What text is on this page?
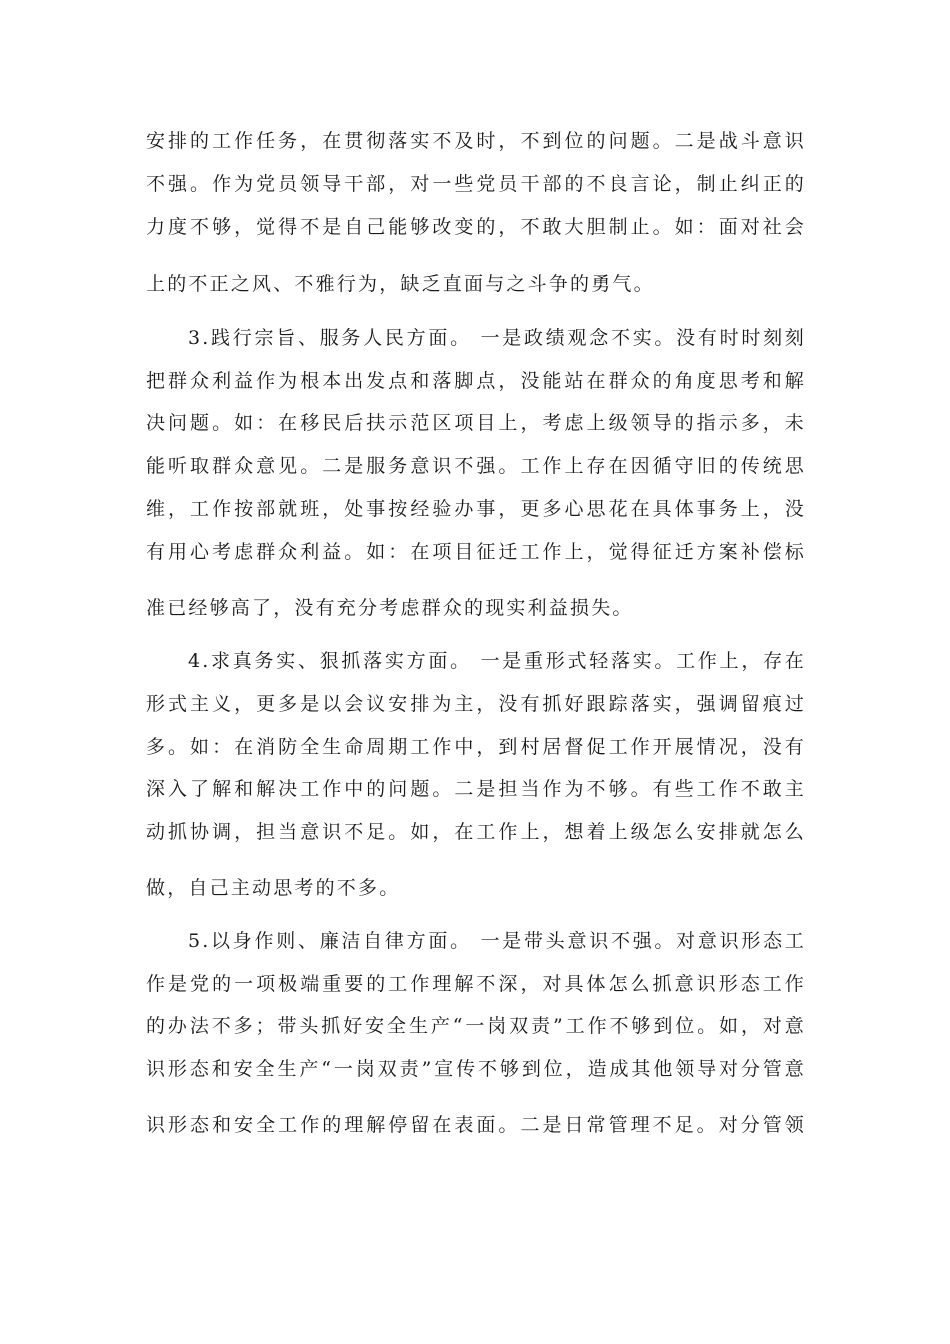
安排的工作任务，在贯彻落实不及时，不到位的问题。二是战斗意识

不强。作为党员领导干部，对一些党员干部的不良言论，制止纠正的

力度不够，觉得不是自己能够改变的，不敢大胆制止。如：面对社会

上的不正之风、不雅行为，缺乏直面与之斗争的勇气。

3.践行宗旨、服务人民方面。 一是政绩观念不实。没有时时刻刻

把群众利益作为根本出发点和落脚点，没能站在群众的角度思考和解

决问题。如：在移民后扶示范区项目上，考虑上级领导的指示多，未

能听取群众意见。二是服务意识不强。工作上存在因循守旧的传统思

维，工作按部就班，处事按经验办事，更多心思花在具体事务上，没

有用心考虑群众利益。如：在项目征迁工作上，觉得征迁方案补偿标

准已经够高了，没有充分考虑群众的现实利益损失。

4.求真务实、狠抓落实方面。 一是重形式轻落实。工作上，存在

形式主义，更多是以会议安排为主，没有抓好跟踪落实，强调留痕过

多。如：在消防全生命周期工作中，到村居督促工作开展情况，没有

深入了解和解决工作中的问题。二是担当作为不够。有些工作不敢主

动抓协调，担当意识不足。如，在工作上，想着上级怎么安排就怎么

做，自己主动思考的不多。

5.以身作则、廉洁自律方面。 一是带头意识不强。对意识形态工

作是党的一项极端重要的工作理解不深，对具体怎么抓意识形态工作

的办法不多；带头抓好安全生产“一岗双责”工作不够到位。如，对意

识形态和安全生产“一岗双责”宣传不够到位，造成其他领导对分管意

识形态和安全工作的理解停留在表面。二是日常管理不足。对分管领
